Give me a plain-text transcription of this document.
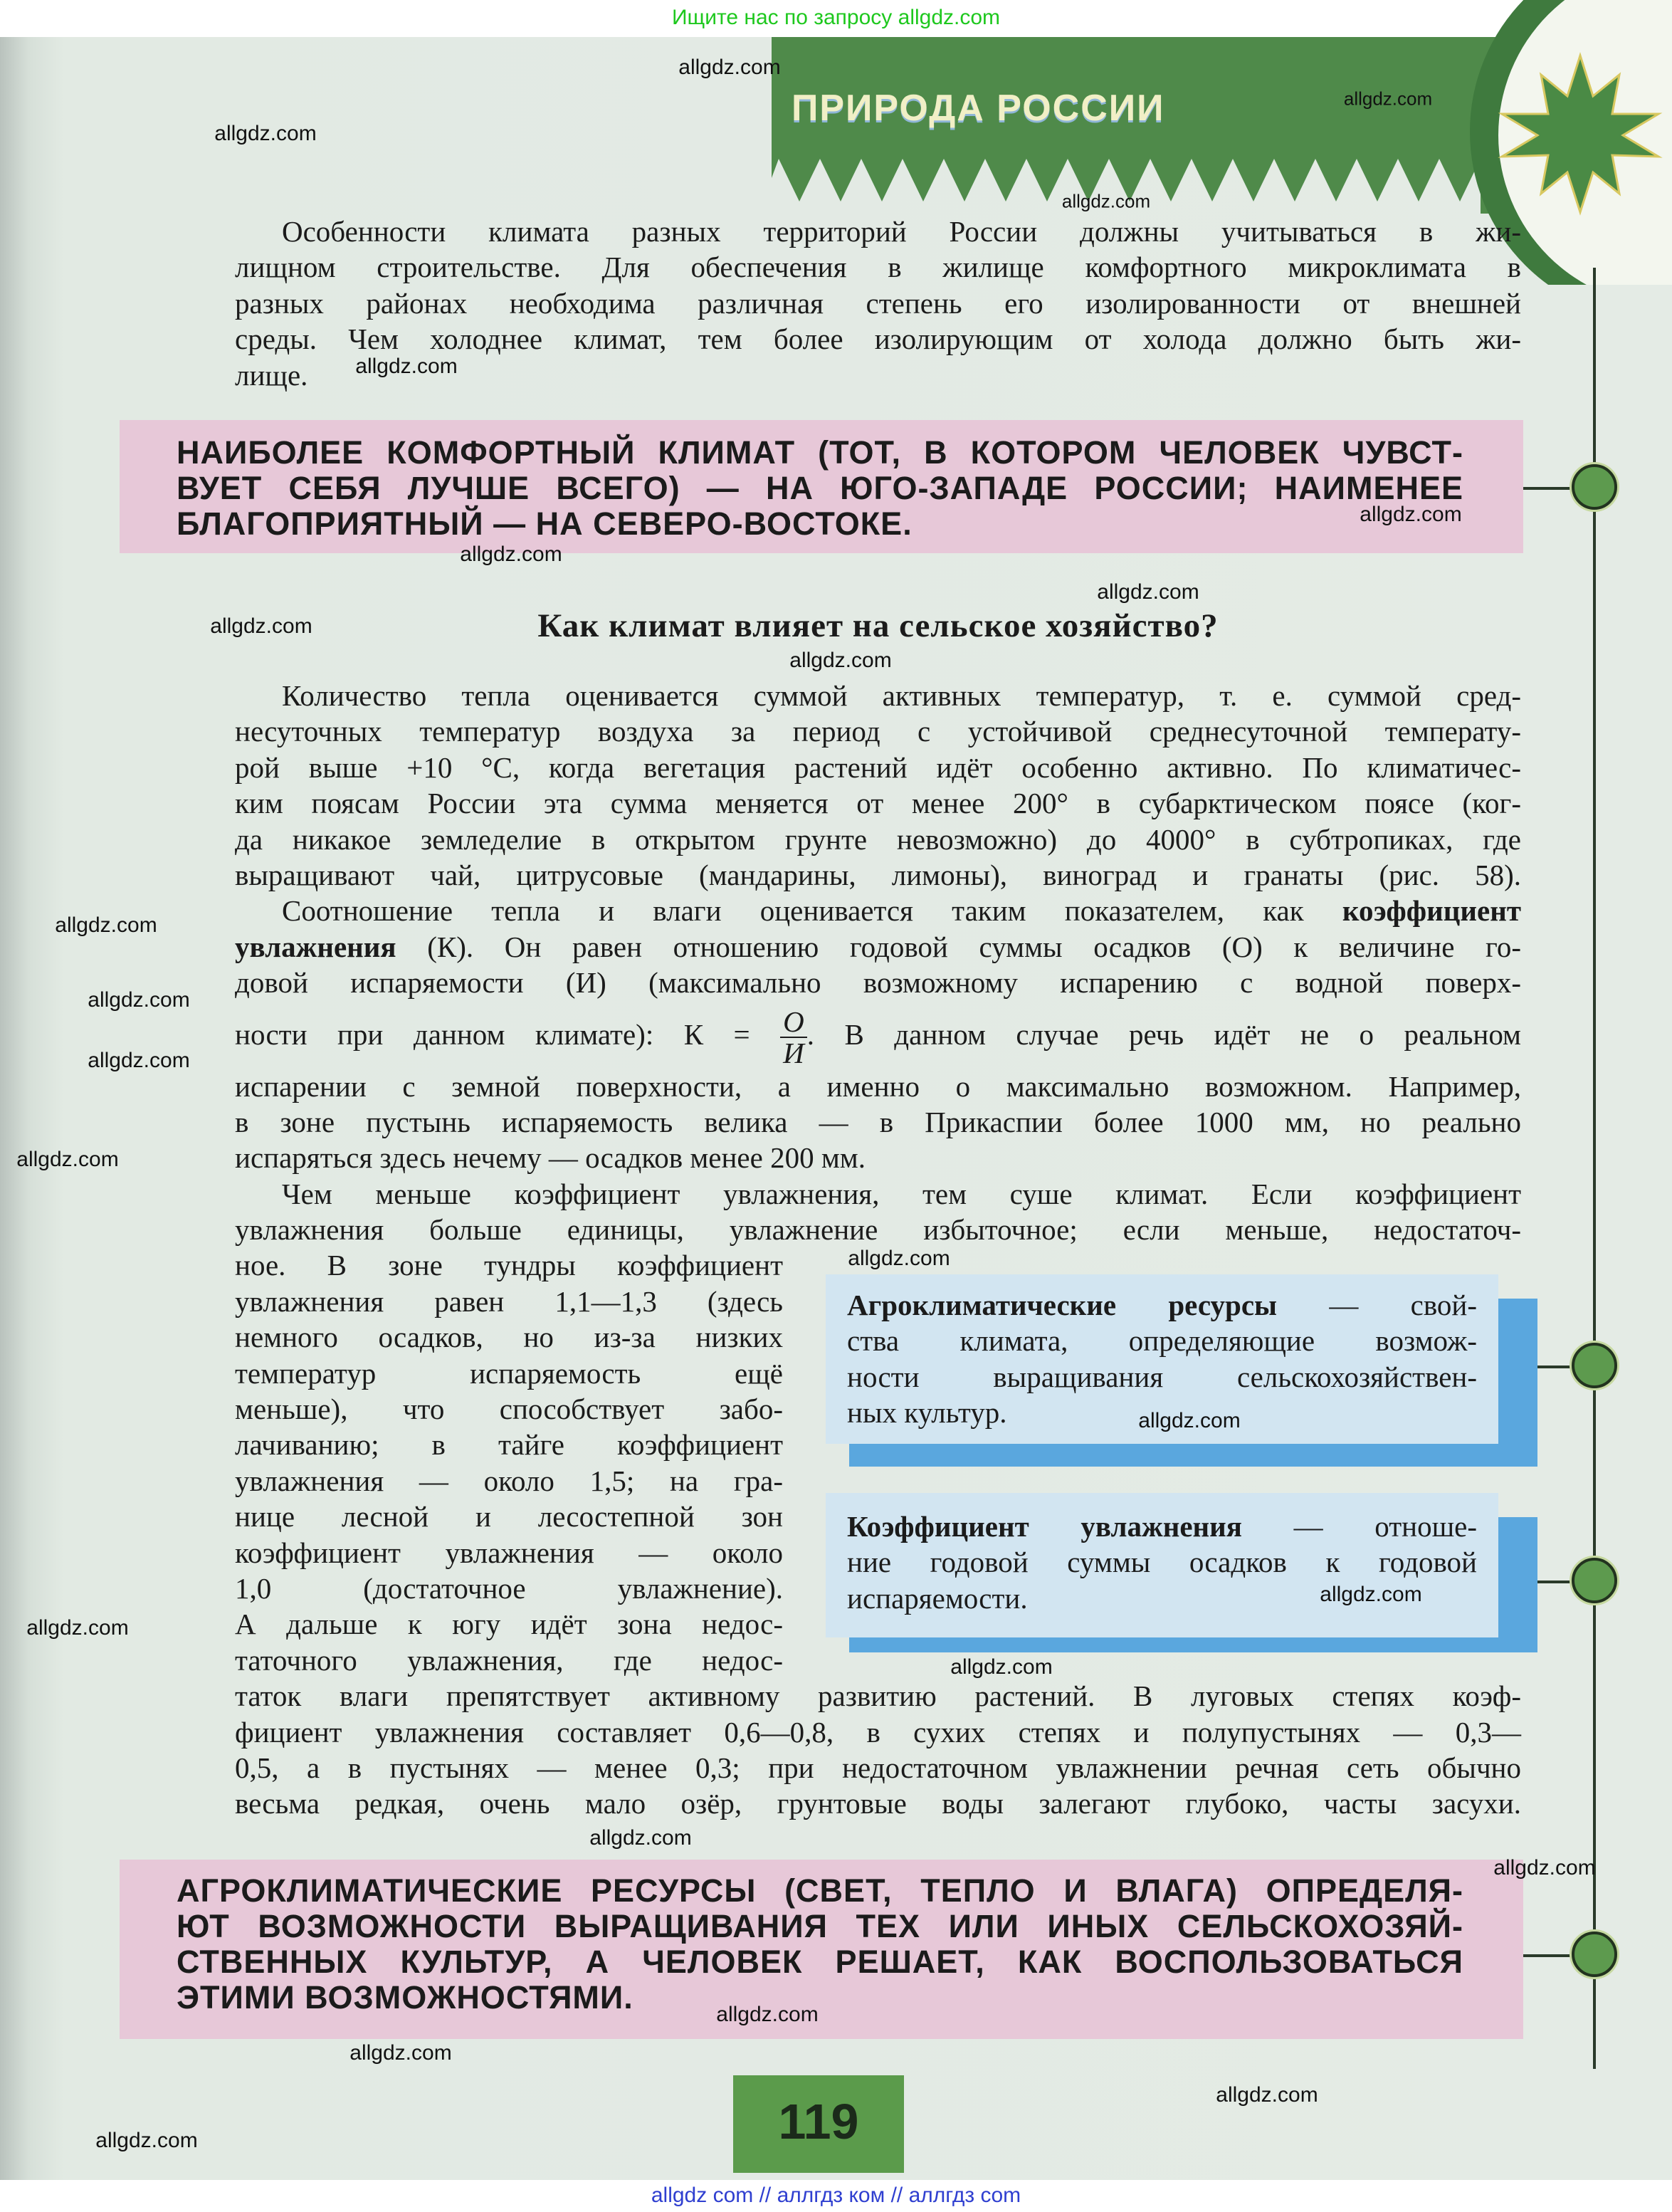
Ищите нас по запросу allgdz.com
ПРИРОДА РОССИИ
Особенности климата разных территорий России должны учитываться в жи-
лищном строительстве. Для обеспечения в жилище комфортного микроклимата в
разных районах необходима различная степень его изолированности от внешней
среды. Чем холоднее климат, тем более изолирующим от холода должно быть жи-
лище.
НАИБОЛЕЕ КОМФОРТНЫЙ КЛИМАТ (ТОТ, В КОТОРОМ ЧЕЛОВЕК ЧУВСТ-
ВУЕТ СЕБЯ ЛУЧШЕ ВСЕГО) — НА ЮГО-ЗАПАДЕ РОССИИ; НАИМЕНЕЕ
БЛАГОПРИЯТНЫЙ — НА СЕВЕРО-ВОСТОКЕ.
Как климат влияет на сельское хозяйство?
Количество тепла оценивается суммой активных температур, т. е. суммой сред-
несуточных температур воздуха за период с устойчивой среднесуточной температу-
рой выше +10 °С, когда вегетация растений идёт особенно активно. По климатичес-
ким поясам России эта сумма меняется от менее 200° в субарктическом поясе (ког-
да никакое земледелие в открытом грунте невозможно) до 4000° в субтропиках, где
выращивают чай, цитрусовые (мандарины, лимоны), виноград и гранаты (рис. 58).
Соотношение тепла и влаги оценивается таким показателем, как коэффициент
увлажнения (К). Он равен отношению годовой суммы осадков (О) к величине го-
довой испаряемости (И) (максимально возможному испарению с водной поверх-
ности при данном климате): К = О
И
. В данном случае речь идёт не о реальном
испарении с земной поверхности, а именно о максимально возможном. Например,
в зоне пустынь испаряемость велика — в Прикаспии более 1000 мм, но реально
испаряться здесь нечему — осадков менее 200 мм.
Чем меньше коэффициент увлажнения, тем суше климат. Если коэффициент
увлажнения больше единицы, увлажнение избыточное; если меньше, недостаточ-
ное. В зоне тундры коэффициент
увлажнения равен 1,1—1,3 (здесь
немного осадков, но из-за низких
температур испаряемость ещё
меньше), что способствует забо-
лачиванию; в тайге коэффициент
увлажнения — около 1,5; на гра-
нице лесной и лесостепной зон
коэффициент увлажнения — около
1,0 (достаточное увлажнение).
А дальше к югу идёт зона недос-
таточного увлажнения, где недос-
таток влаги препятствует активному развитию растений. В луговых степях коэф-
фициент увлажнения составляет 0,6—0,8, в сухих степях и полупустынях — 0,3—
0,5, а в пустынях — менее 0,3; при недостаточном увлажнении речная сеть обычно
весьма редкая, очень мало озёр, грунтовые воды залегают глубоко, часты засухи.
Агроклиматические ресурсы — свой-
ства климата, определяющие возмож-
ности выращивания сельскохозяйствен-
ных культур.
Коэффициент увлажнения — отноше-
ние годовой суммы осадков к годовой
испаряемости.
АГРОКЛИМАТИЧЕСКИЕ РЕСУРСЫ (СВЕТ, ТЕПЛО И ВЛАГА) ОПРЕДЕЛЯ-
ЮТ ВОЗМОЖНОСТИ ВЫРАЩИВАНИЯ ТЕХ ИЛИ ИНЫХ СЕЛЬСКОХОЗЯЙ-
СТВЕННЫХ КУЛЬТУР, А ЧЕЛОВЕК РЕШАЕТ, КАК ВОСПОЛЬЗОВАТЬСЯ
ЭТИМИ ВОЗМОЖНОСТЯМИ.
119
allgdz.com
allgdz.com
allgdz.com
allgdz.com
allgdz.com
allgdz.com
allgdz.com
allgdz.com
allgdz.com
allgdz.com
allgdz.com
allgdz.com
allgdz.com
allgdz.com
allgdz.com
allgdz.com
allgdz.com
allgdz.com
allgdz.com
allgdz.com
allgdz.com
allgdz.com
allgdz.com
allgdz.com
allgdz.com
allgdz com // аллгдз ком // аллгдз com
